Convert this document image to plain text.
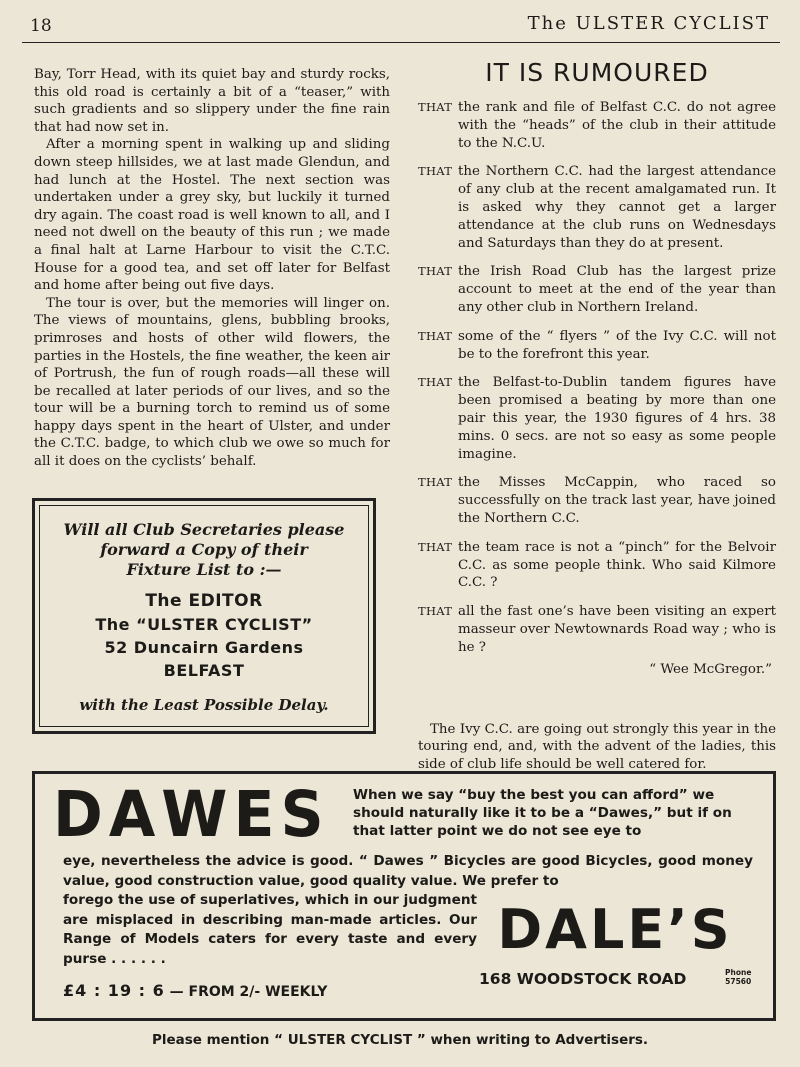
18	The ULSTER CYCLIST

Bay, Torr Head, with its quiet bay and sturdy rocks, this old road is certainly a bit of a “teaser,” with such gradients and so slippery under the fine rain that had now set in.

After a morning spent in walking up and sliding down steep hillsides, we at last made Glendun, and had lunch at the Hostel. The next section was undertaken under a grey sky, but luckily it turned dry again. The coast road is well known to all, and I need not dwell on the beauty of this run ; we made a final halt at Larne Harbour to visit the C.T.C. House for a good tea, and set off later for Belfast and home after being out five days.

The tour is over, but the memories will linger on. The views of mountains, glens, bubbling brooks, primroses and hosts of other wild flowers, the parties in the Hostels, the fine weather, the keen air of Portrush, the fun of rough roads—all these will be recalled at later periods of our lives, and so the tour will be a burning torch to remind us of some happy days spent in the heart of Ulster, and under the C.T.C. badge, to which club we owe so much for all it does on the cyclists’ behalf.

Will all Club Secretaries please
forward a Copy of their
Fixture List to :—
The EDITOR
The “ULSTER CYCLIST”
52 Duncairn Gardens
BELFAST
with the Least Possible Delay.
IT IS RUMOURED
THAT the rank and file of Belfast C.C. do not agree with the “heads” of the club in their attitude to the N.C.U.
THAT the Northern C.C. had the largest attendance of any club at the recent amalgamated run. It is asked why they cannot get a larger attendance at the club runs on Wednesdays and Saturdays than they do at present.
THAT the Irish Road Club has the largest prize account to meet at the end of the year than any other club in Northern Ireland.
THAT some of the “ flyers ” of the Ivy C.C. will not be to the forefront this year.
THAT the Belfast-to-Dublin tandem figures have been promised a beating by more than one pair this year, the 1930 figures of 4 hrs. 38 mins. 0 secs. are not so easy as some people imagine.
THAT the Misses McCappin, who raced so successfully on the track last year, have joined the Northern C.C.
THAT the team race is not a “pinch” for the Belvoir C.C. as some people think. Who said Kilmore C.C. ?
THAT all the fast one’s have been visiting an expert masseur over Newtownards Road way ; who is he ?
“ Wee McGregor.”
The Ivy C.C. are going out strongly this year in the touring end, and, with the advent of the ladies, this side of club life should be well catered for.
D A W E S When we say “buy the best you can afford” we should naturally like it to be a “Dawes,” but if on that latter point we do not see eye to
eye, nevertheless the advice is good. “ Dawes ” Bicycles are good Bicycles, good money value, good construction value, good quality value. We prefer to
forego the use of superlatives, which in our judgment are misplaced in describing man-made articles. Our Range of Models caters for every taste and every purse . . . . . .
£4 : 19 : 6 — FROM 2/- WEEKLY
DALE’S
168 WOODSTOCK ROAD	Phone
57560
Please mention “ ULSTER CYCLIST ” when writing to Advertisers.
